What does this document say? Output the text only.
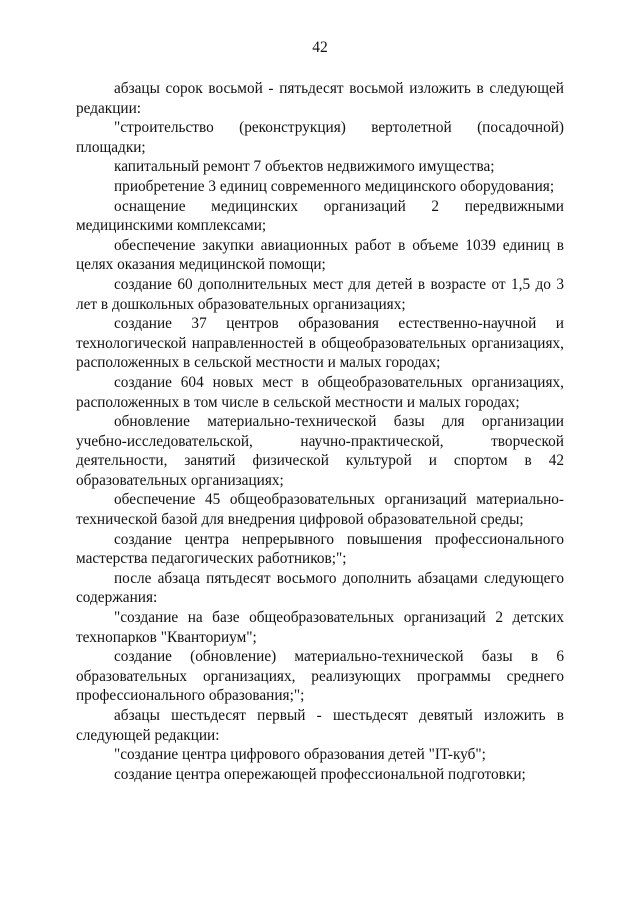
42

абзацы сорок восьмой - пятьдесят восьмой изложить в следующей редакции:

"строительство (реконструкция) вертолетной (посадочной) площадки;

капитальный ремонт 7 объектов недвижимого имущества;

приобретение 3 единиц современного медицинского оборудования;

оснащение медицинских организаций 2 передвижными медицинскими комплексами;

обеспечение закупки авиационных работ в объеме 1039 единиц в целях оказания медицинской помощи;

создание 60 дополнительных мест для детей в возрасте от 1,5 до 3 лет в дошкольных образовательных организациях;

создание 37 центров образования естественно-научной и технологической направленностей в общеобразовательных организациях, расположенных в сельской местности и малых городах;

создание 604 новых мест в общеобразовательных организациях, расположенных в том числе в сельской местности и малых городах;

обновление материально-технической базы для организации учебно-исследовательской, научно-практической, творческой деятельности, занятий физической культурой и спортом в 42 образовательных организациях;

обеспечение 45 общеобразовательных организаций материально-технической базой для внедрения цифровой образовательной среды;

создание центра непрерывного повышения профессионального мастерства педагогических работников;";

после абзаца пятьдесят восьмого дополнить абзацами следующего содержания:

"создание на базе общеобразовательных организаций 2 детских технопарков "Кванториум";

создание (обновление) материально-технической базы в 6 образовательных организациях, реализующих программы среднего профессионального образования;";

абзацы шестьдесят первый - шестьдесят девятый изложить в следующей редакции:

"создание центра цифрового образования детей "IT-куб";

создание центра опережающей профессиональной подготовки;
